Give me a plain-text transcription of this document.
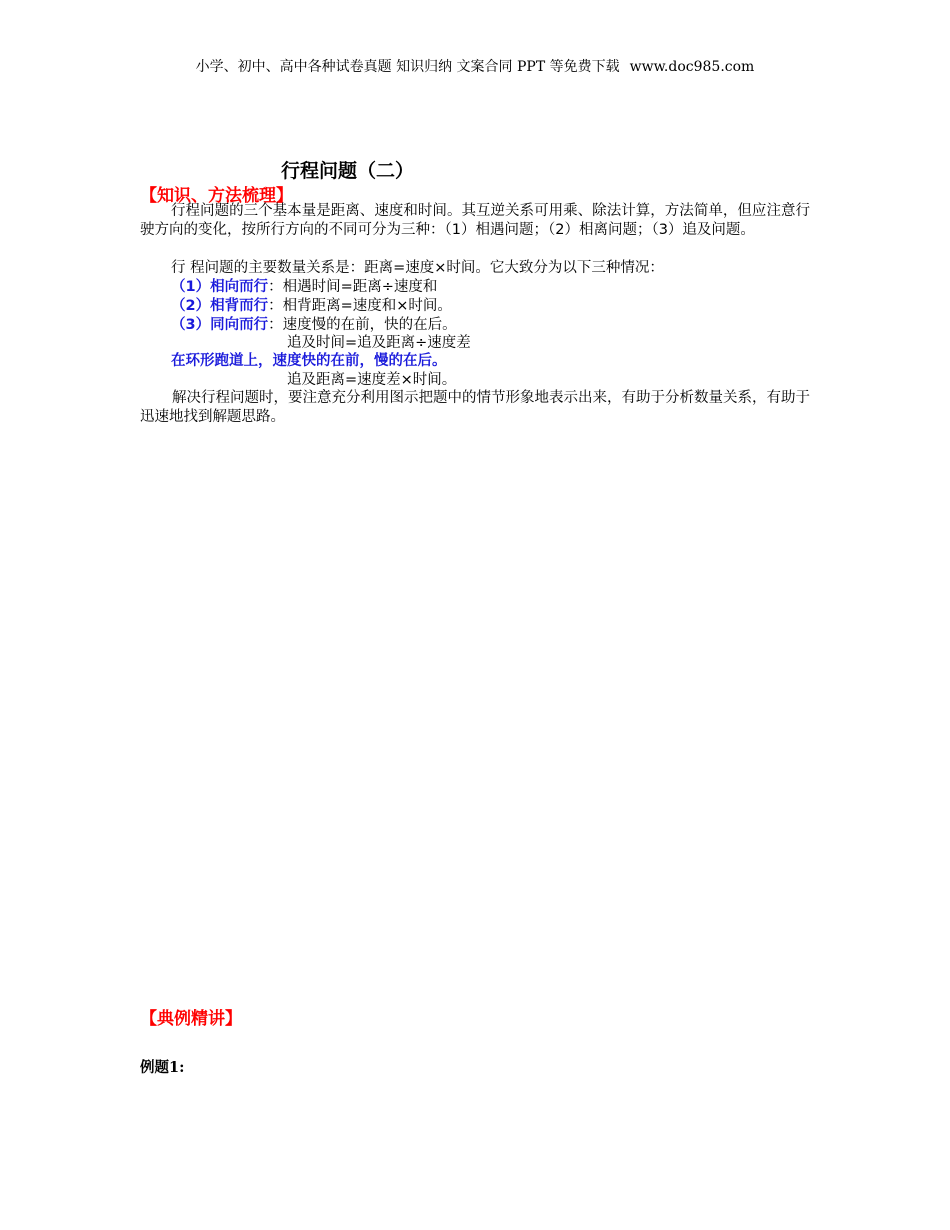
小学、初中、高中各种试卷真题 知识归纳 文案合同 PPT 等免费下载 www.doc985.com
行程问题（二）
【知识、方法梳理】
行程问题的三个基本量是距离、速度和时间。其互逆关系可用乘、除法计算，方法简单，但应注意行驶方向的变化，按所行方向的不同可分为三种：（1）相遇问题；（2）相离问题；（3）追及问题。
行 程问题的主要数量关系是：距离=速度×时间。它大致分为以下三种情况：
（1）相向而行：相遇时间=距离÷速度和
（2）相背而行：相背距离=速度和×时间。
（3）同向而行：速度慢的在前，快的在后。
追及时间=追及距离÷速度差
在环形跑道上，速度快的在前，慢的在后。
追及距离=速度差×时间。
解决行程问题时，要注意充分利用图示把题中的情节形象地表示出来，有助于分析数量关系，有助于迅速地找到解题思路。
【典例精讲】
例题1:
